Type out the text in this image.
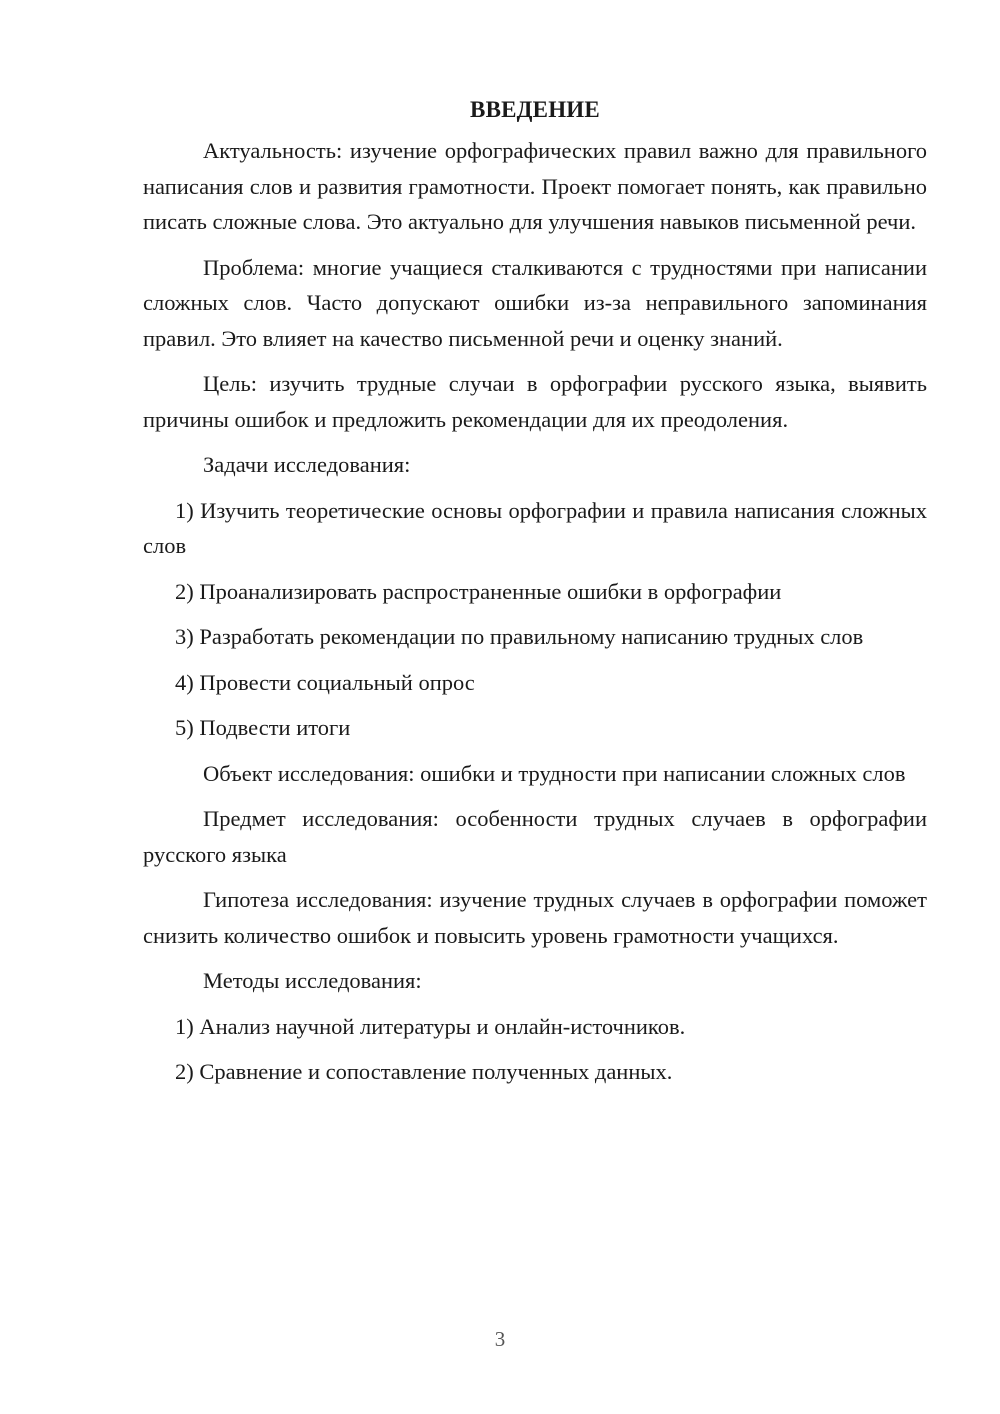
ВВЕДЕНИЕ

Актуальность: изучение орфографических правил важно для правильного написания слов и развития грамотности. Проект помогает понять, как правильно писать сложные слова. Это актуально для улучшения навыков письменной речи.

Проблема: многие учащиеся сталкиваются с трудностями при написании сложных слов. Часто допускают ошибки из-за неправильного запоминания правил. Это влияет на качество письменной речи и оценку знаний.

Цель: изучить трудные случаи в орфографии русского языка, выявить причины ошибок и предложить рекомендации для их преодоления.

Задачи исследования:

1) Изучить теоретические основы орфографии и правила написания сложных слов

2) Проанализировать распространенные ошибки в орфографии

3) Разработать рекомендации по правильному написанию трудных слов

4) Провести социальный опрос

5) Подвести итоги

Объект исследования: ошибки и трудности при написании сложных слов

Предмет исследования: особенности трудных случаев в орфографии русского языка

Гипотеза исследования: изучение трудных случаев в орфографии поможет снизить количество ошибок и повысить уровень грамотности учащихся.

Методы исследования:

1) Анализ научной литературы и онлайн-источников.

2) Сравнение и сопоставление полученных данных.

3
